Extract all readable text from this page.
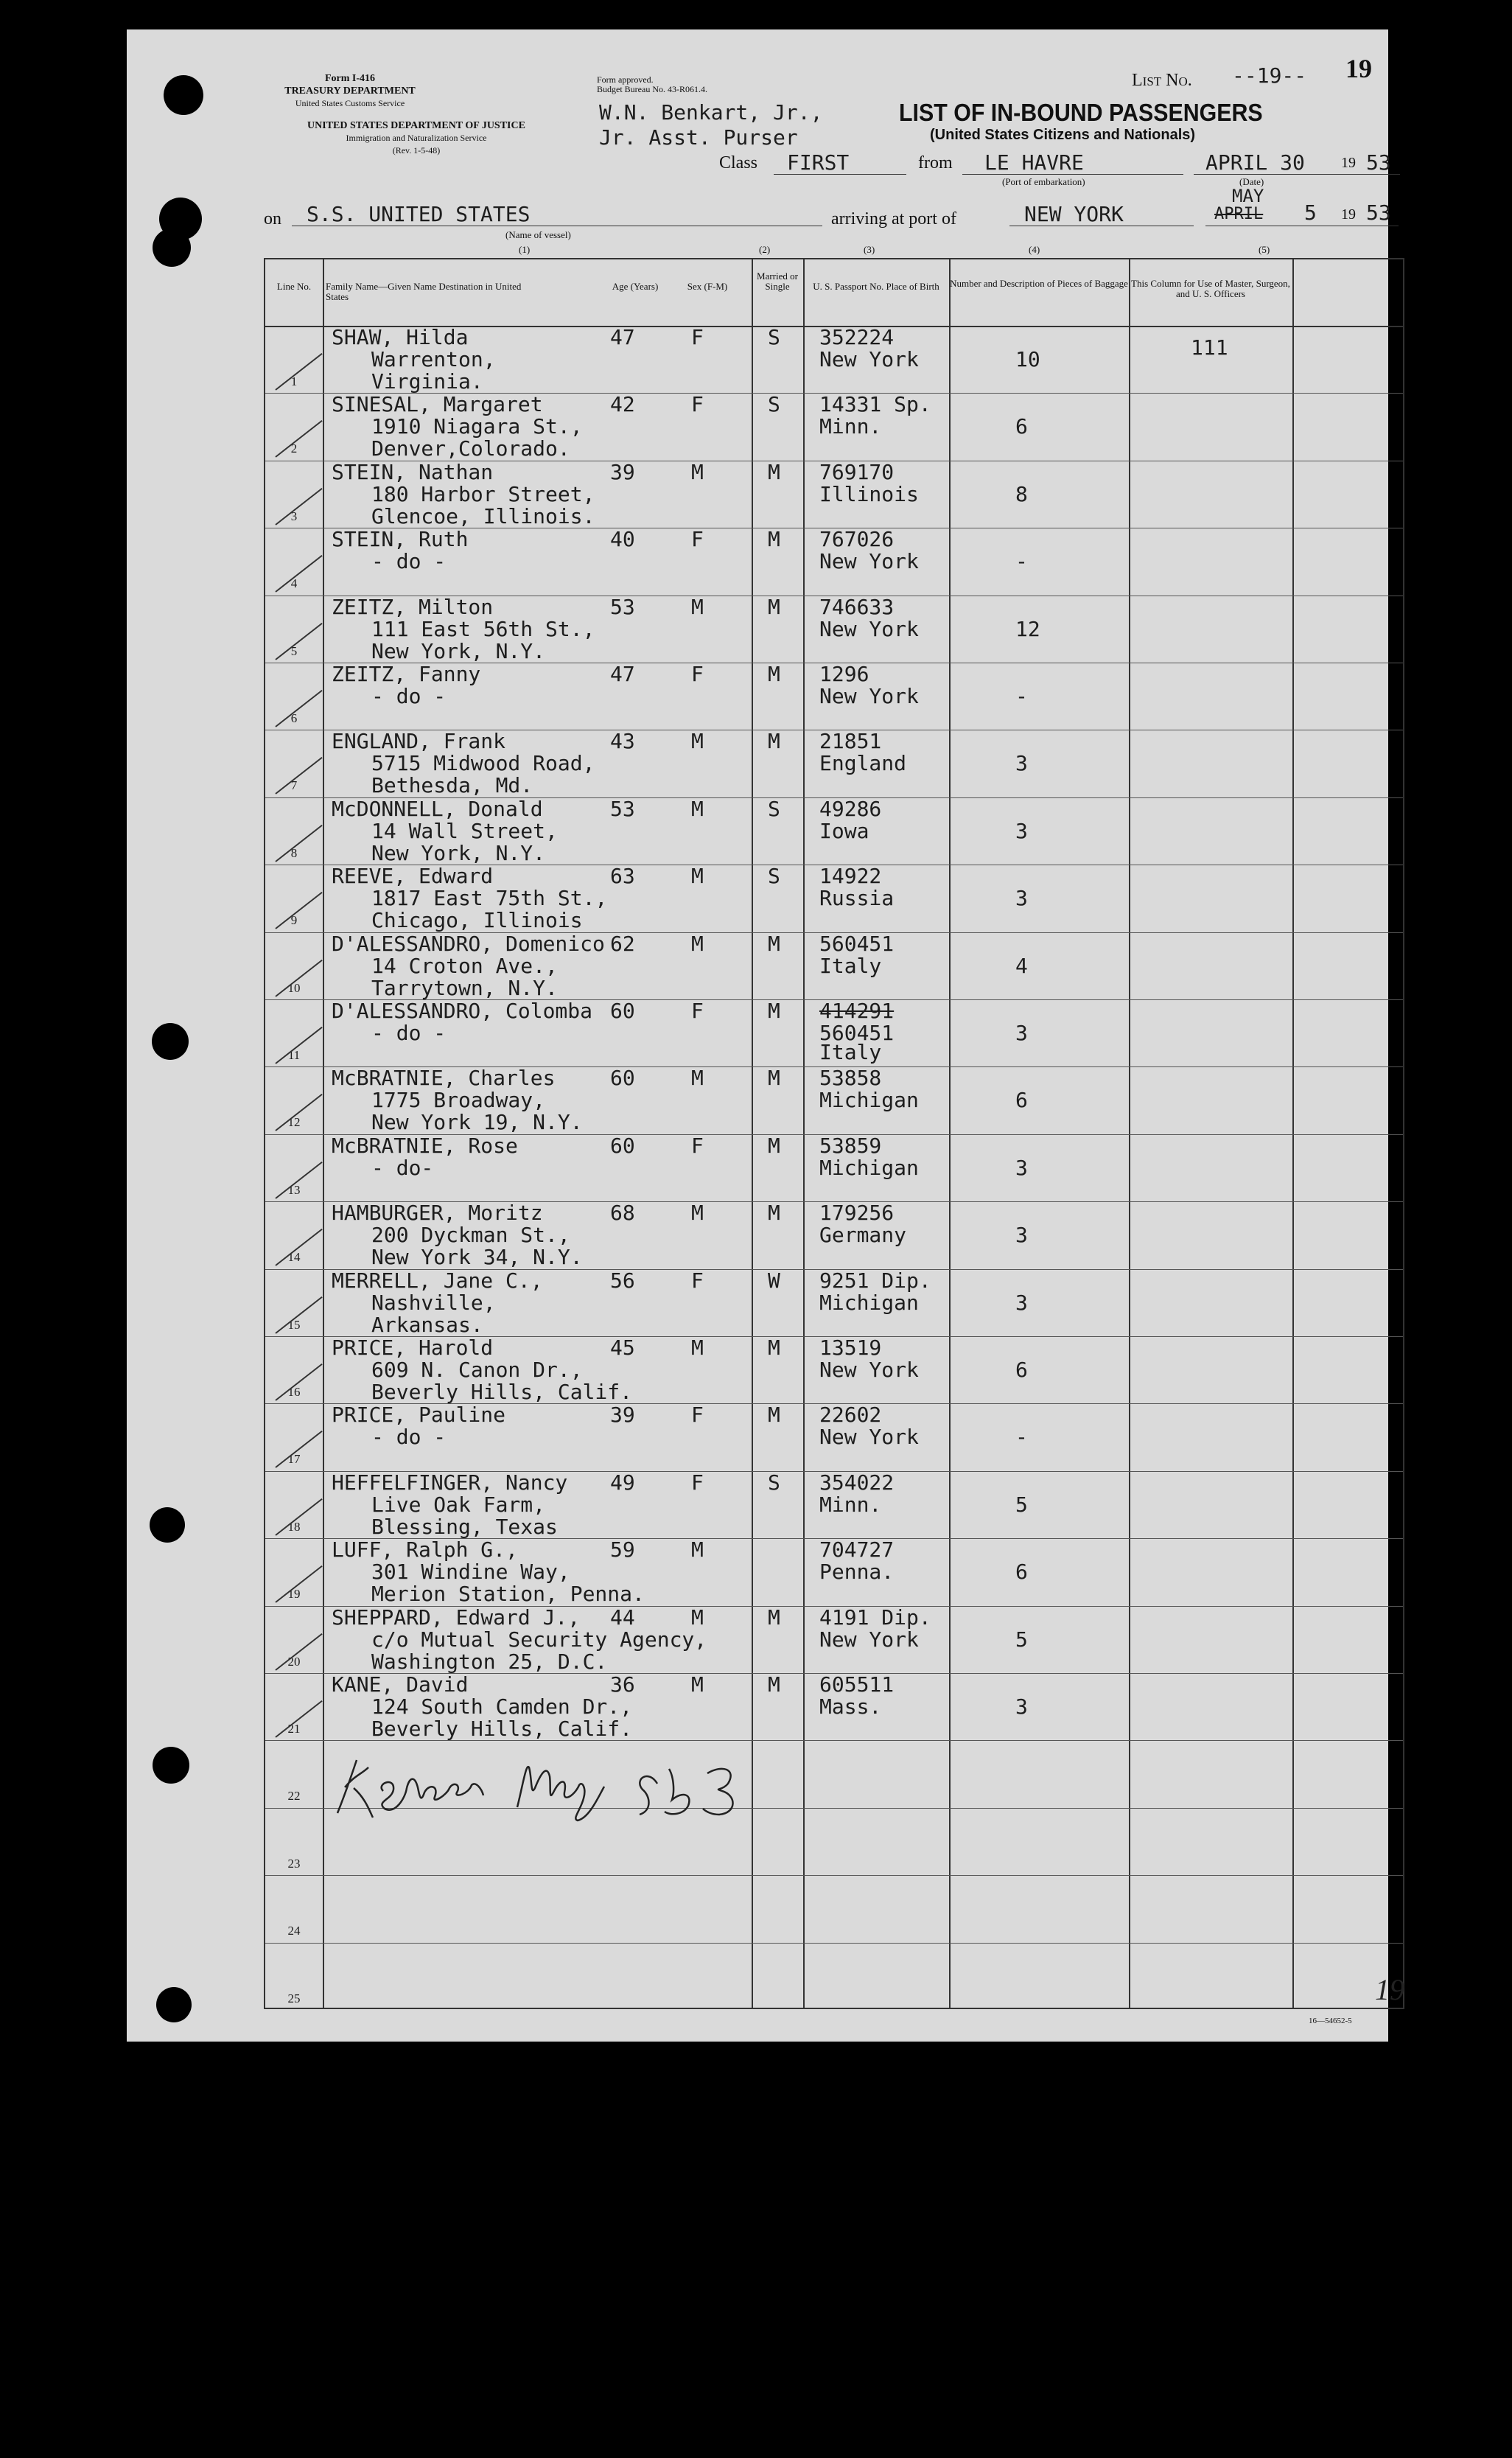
Form I-416
TREASURY DEPARTMENT
United States Customs Service
UNITED STATES DEPARTMENT OF JUSTICE
Immigration and Naturalization Service
(Rev. 1-5-48)
Form approved.
Budget Bureau No. 43-R061.4.
W.N. Benkart, Jr.,
Jr. Asst. Purser
LIST OF IN-BOUND PASSENGERS
(United States Citizens and Nationals)
List No. --19-- 19
Class FIRST	from LE HAVRE
(Port of embarkation)
APRIL 30 19 53
(Date)
on S.S. UNITED STATES
(Name of vessel)
arriving at port of	NEW YORK
MAY
APRIL 5 19 53
(1)	(2)	(3)	(4)	(5)
Line No.	Family Name—Given Name Destination in United States
Age (Years)	Sex (F-M)
Married or Single	U. S. Passport No. Place of Birth	Number and Description of Pieces of Baggage This Column for Use of Master, Surgeon, and U. S. Officers
1
SHAW, Hilda
Warrenton,
Virginia.
47	F	S 352224
New York	10	111
2
SINESAL, Margaret
1910 Niagara St.,
Denver,Colorado.
42	F	S 14331 Sp.
Minn.	6
3
STEIN, Nathan
180 Harbor Street,
Glencoe, Illinois.
39	M	M 769170
Illinois	8
4
STEIN, Ruth
- do -
40	F	M 767026
New York	-
5
ZEITZ, Milton
111 East 56th St.,
New York, N.Y.
53	M	M 746633
New York	12
6
ZEITZ, Fanny
- do -
47	F	M 1296
New York	-
7
ENGLAND, Frank
5715 Midwood Road,
Bethesda, Md.
43	M	M 21851
England	3
8
McDONNELL, Donald
14 Wall Street,
New York, N.Y.
53	M	S 49286
Iowa	3
9
REEVE, Edward
1817 East 75th St.,
Chicago, Illinois
63	M	S 14922
Russia	3
10
D'ALESSANDRO, Domenico
14 Croton Ave.,
Tarrytown, N.Y.
62	M	M 560451
Italy	4
11
D'ALESSANDRO, Colomba
- do -
60	F	M 414291
560451
Italy
3
12
McBRATNIE, Charles
1775 Broadway,
New York 19, N.Y.
60	M	M 53858
Michigan	6
13
McBRATNIE, Rose
- do-
60	F	M 53859
Michigan	3
14
HAMBURGER, Moritz
200 Dyckman St.,
New York 34, N.Y.
68	M	M 179256
Germany	3
15
MERRELL, Jane C.,
Nashville,
Arkansas.
56	F	W 9251 Dip.
Michigan	3
16
PRICE, Harold
609 N. Canon Dr.,
Beverly Hills, Calif.
45	M	M 13519
New York	6
17
PRICE, Pauline
- do -
39	F	M 22602
New York	-
18
HEFFELFINGER, Nancy
Live Oak Farm,
Blessing, Texas
49	F	S 354022
Minn.	5
19
LUFF, Ralph G.,
301 Windine Way,
Merion Station, Penna.
59	M	704727
Penna.	6
20
SHEPPARD, Edward J.,
c/o Mutual Security Agency,
Washington 25, D.C.
44	M	M 4191 Dip.
New York	5
21
KANE, David
124 South Camden Dr.,
Beverly Hills, Calif.
36	M	M 605511
Mass.	3
22
23
24
25
16—54652-5
19
